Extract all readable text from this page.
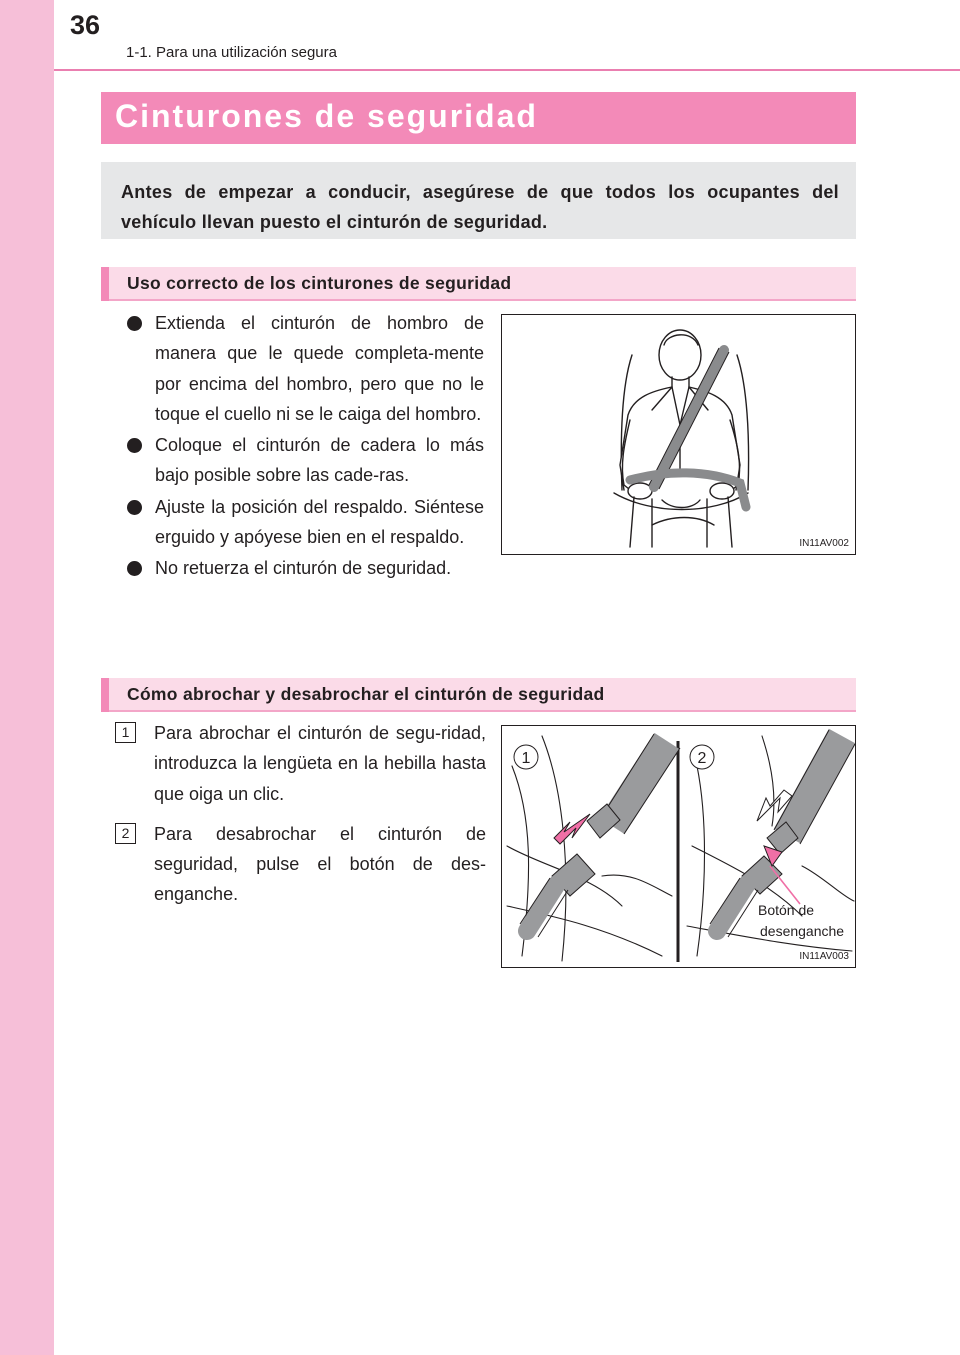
36
1-1. Para una utilización segura
Cinturones de seguridad

Antes de empezar a conducir, asegúrese de que todos los ocupantes del vehículo llevan puesto el cinturón de seguridad.

Uso correcto de los cinturones de seguridad
Extienda el cinturón de hombro de manera que le quede completa-mente por encima del hombro, pero que no le toque el cuello ni se le caiga del hombro.
Coloque el cinturón de cadera lo más bajo posible sobre las cade-ras.
Ajuste la posición del respaldo. Siéntese erguido y apóyese bien en el respaldo.
No retuerza el cinturón de seguridad.
IN11AV002
Cómo abrochar y desabrochar el cinturón de seguridad
1	Para abrochar el cinturón de segu-ridad, introduzca la lengüeta en la hebilla hasta que oiga un clic.
2	Para desabrochar el cinturón de seguridad, pulse el botón de des-enganche.
1	2
Botón de
desenganche
IN11AV003
